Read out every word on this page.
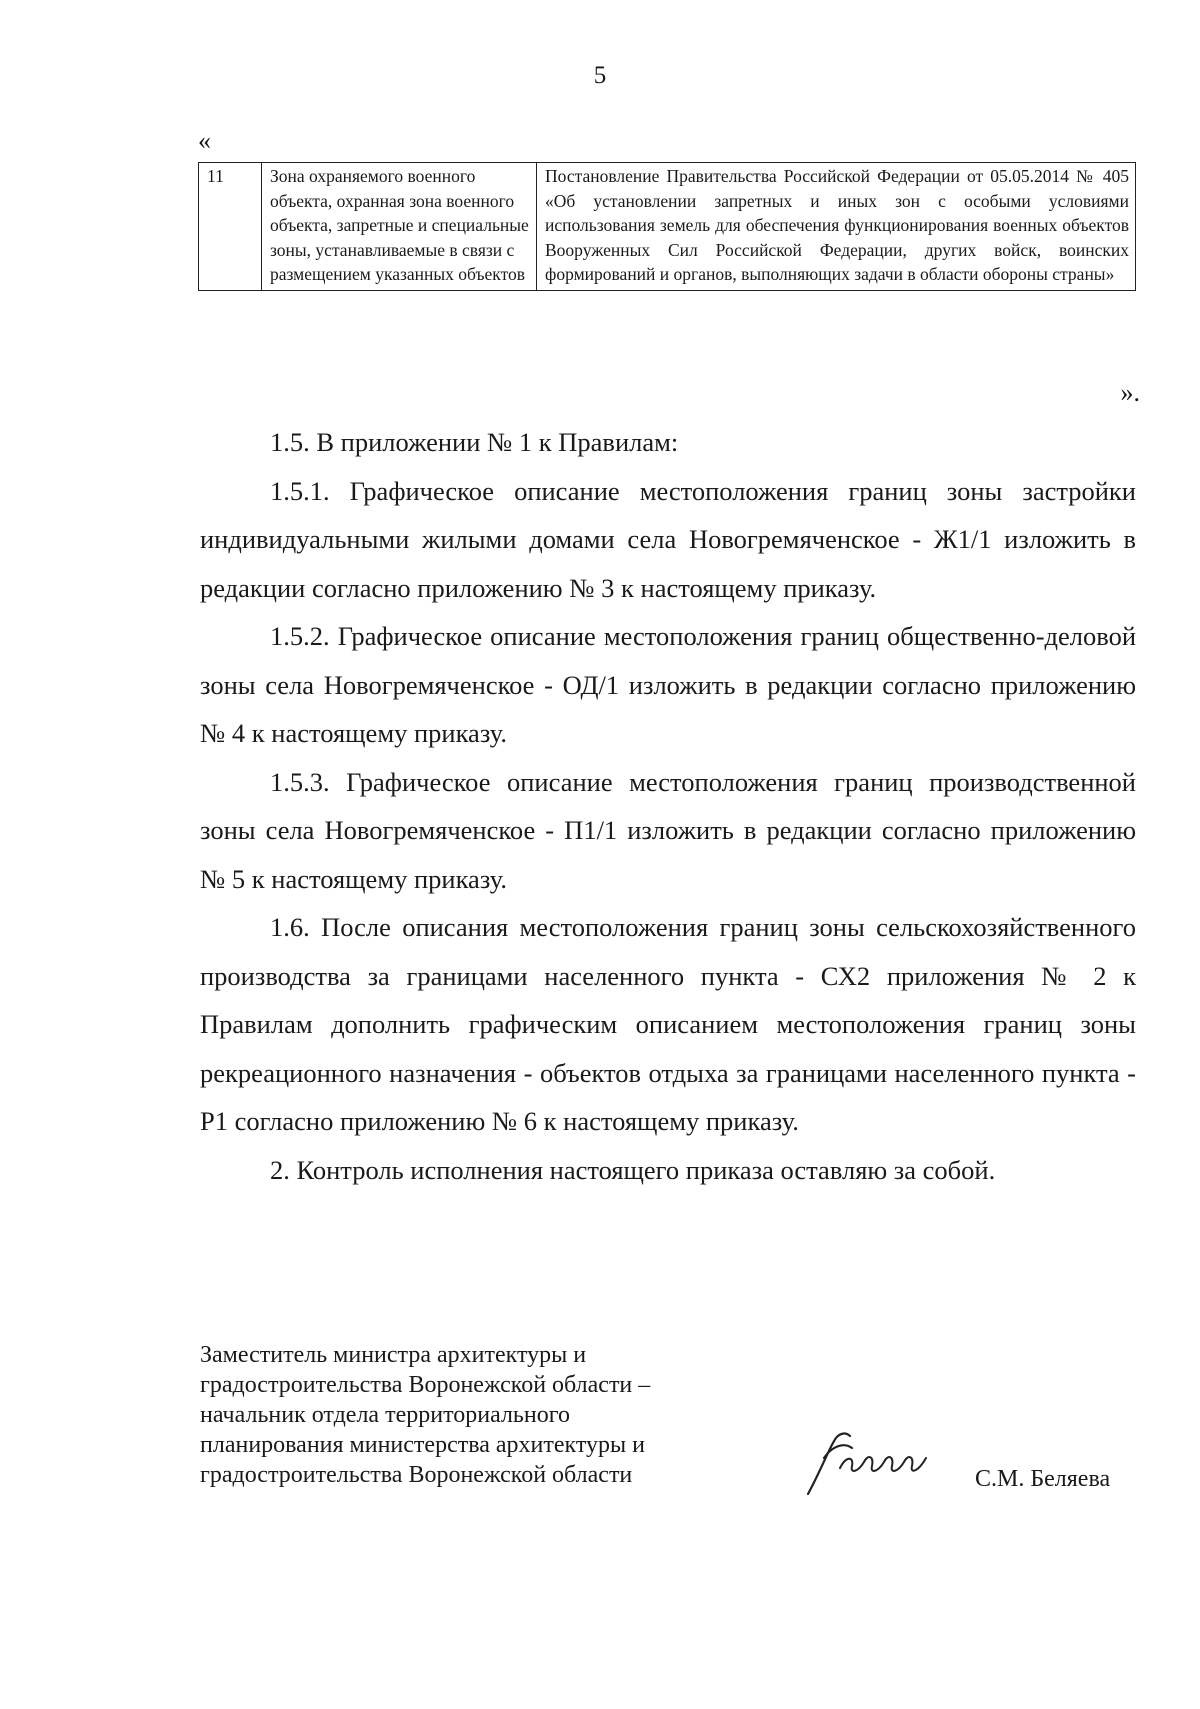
5
«
11	Зона охраняемого военного объекта, охранная зона военного объекта, запретные и специальные зоны, устанавливаемые в связи с размещением указанных объектов	Постановление Правительства Российской Федерации от 05.05.2014 № 405 «Об установлении запретных и иных зон с особыми условиями использования земель для обеспечения функционирования военных объектов Вооруженных Сил Российской Федерации, других войск, воинских формирований и органов, выполняющих задачи в области обороны страны»
».

1.5. В приложении № 1 к Правилам:

1.5.1. Графическое описание местоположения границ зоны застройки индивидуальными жилыми домами села Новогремяченское - Ж1/1 изложить в редакции согласно приложению № 3 к настоящему приказу.

1.5.2. Графическое описание местоположения границ общественно-деловой зоны села Новогремяченское - ОД/1 изложить в редакции согласно приложению № 4 к настоящему приказу.

1.5.3. Графическое описание местоположения границ производственной зоны села Новогремяченское - П1/1 изложить в редакции согласно приложению № 5 к настоящему приказу.

1.6. После описания местоположения границ зоны сельскохозяйственного производства за границами населенного пункта - СХ2 приложения № 2 к Правилам дополнить графическим описанием местоположения границ зоны рекреационного назначения - объектов отдыха за границами населенного пункта - Р1 согласно приложению № 6 к настоящему приказу.

2. Контроль исполнения настоящего приказа оставляю за собой.

Заместитель министра архитектуры и
градостроительства Воронежской области –
начальник отдела территориального
планирования министерства архитектуры и
градостроительства Воронежской области	С.М. Беляева
